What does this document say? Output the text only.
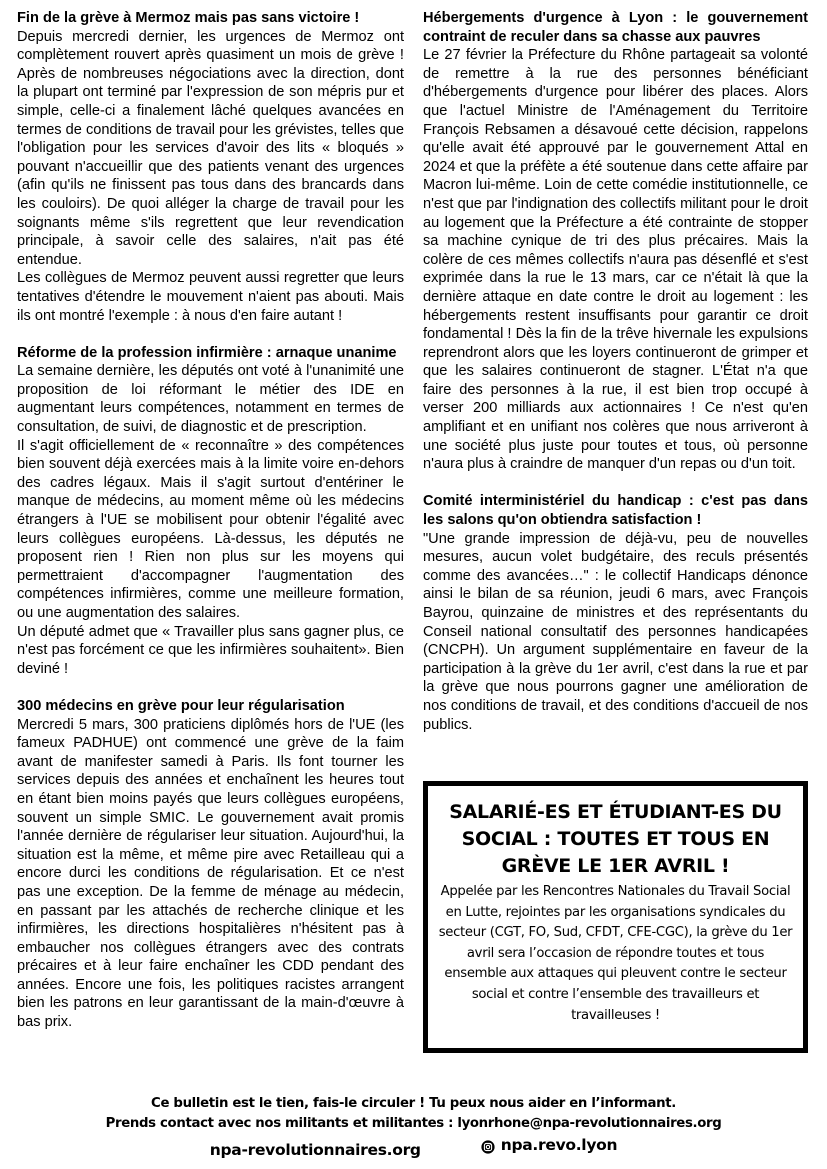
Fin de la grève à Mermoz mais pas sans victoire !

Depuis mercredi dernier, les urgences de Mermoz ont complètement rouvert après quasiment un mois de grève ! Après de nombreuses négociations avec la direction, dont la plupart ont terminé par l'expression de son mépris pur et simple, celle-ci a finalement lâché quelques avancées en termes de conditions de travail pour les grévistes, telles que l'obligation pour les services d'avoir des lits « bloqués » pouvant n'accueillir que des patients venant des urgences (afin qu'ils ne finissent pas tous dans des brancards dans les couloirs). De quoi alléger la charge de travail pour les soignants même s'ils regrettent que leur revendication principale, à savoir celle des salaires, n'ait pas été entendue.

Les collègues de Mermoz peuvent aussi regretter que leurs tentatives d'étendre le mouvement n'aient pas abouti. Mais ils ont montré l'exemple : à nous d'en faire autant !

Réforme de la profession infirmière : arnaque unanime

La semaine dernière, les députés ont voté à l'unanimité une proposition de loi réformant le métier des IDE en augmentant leurs compétences, notamment en termes de consultation, de suivi, de diagnostic et de prescription.

Il s'agit officiellement de « reconnaître » des compétences bien souvent déjà exercées mais à la limite voire en-dehors des cadres légaux. Mais il s'agit surtout d'entériner le manque de médecins, au moment même où les médecins étrangers à l'UE se mobilisent pour obtenir l'égalité avec leurs collègues européens. Là-dessus, les députés ne proposent rien ! Rien non plus sur les moyens qui permettraient d'accompagner l'augmentation des compétences infirmières, comme une meilleure formation, ou une augmentation des salaires.

Un député admet que « Travailler plus sans gagner plus, ce n'est pas forcément ce que les infirmières souhaitent». Bien deviné !

300 médecins en grève pour leur régularisation

Mercredi 5 mars, 300 praticiens diplômés hors de l'UE (les fameux PADHUE) ont commencé une grève de la faim avant de manifester samedi à Paris. Ils font tourner les services depuis des années et enchaînent les heures tout en étant bien moins payés que leurs collègues européens, souvent un simple SMIC. Le gouvernement avait promis l'année dernière de régulariser leur situation. Aujourd'hui, la situation est la même, et même pire avec Retailleau qui a encore durci les conditions de régularisation. Et ce n'est pas une exception. De la femme de ménage au médecin, en passant par les attachés de recherche clinique et les infirmières, les directions hospitalières n'hésitent pas à embaucher nos collègues étrangers avec des contrats précaires et à leur faire enchaîner les CDD pendant des années. Encore une fois, les politiques racistes arrangent bien les patrons en leur garantissant de la main-d'œuvre à bas prix.

Hébergements d'urgence à Lyon : le gouvernement contraint de reculer dans sa chasse aux pauvres

Le 27 février la Préfecture du Rhône partageait sa volonté de remettre à la rue des personnes bénéficiant d'hébergements d'urgence pour libérer des places. Alors que l'actuel Ministre de l'Aménagement du Territoire François Rebsamen a désavoué cette décision, rappelons qu'elle avait été approuvé par le gouvernement Attal en 2024 et que la préfète a été soutenue dans cette affaire par Macron lui-même. Loin de cette comédie institutionnelle, ce n'est que par l'indignation des collectifs militant pour le droit au logement que la Préfecture a été contrainte de stopper sa machine cynique de tri des plus précaires. Mais la colère de ces mêmes collectifs n'aura pas désenflé et s'est exprimée dans la rue le 13 mars, car ce n'était là que la dernière attaque en date contre le droit au logement : les hébergements restent insuffisants pour garantir ce droit fondamental ! Dès la fin de la trêve hivernale les expulsions reprendront alors que les loyers continueront de grimper et que les salaires continueront de stagner. L'État n'a que faire des personnes à la rue, il est bien trop occupé à verser 200 milliards aux actionnaires ! Ce n'est qu'en amplifiant et en unifiant nos colères que nous arriveront à une société plus juste pour toutes et tous, où personne n'aura plus à craindre de manquer d'un repas ou d'un toit.

Comité interministériel du handicap : c'est pas dans les salons qu'on obtiendra satisfaction !

"Une grande impression de déjà-vu, peu de nouvelles mesures, aucun volet budgétaire, des reculs présentés comme des avancées…" : le collectif Handicaps dénonce ainsi le bilan de sa réunion, jeudi 6 mars, avec François Bayrou, quinzaine de ministres et des représentants du Conseil national consultatif des personnes handicapées (CNCPH). Un argument supplémentaire en faveur de la participation à la grève du 1er avril, c'est dans la rue et par la grève que nous pourrons gagner une amélioration de nos conditions de travail, et des conditions d'accueil de nos publics.

SALARIÉ-ES ET ÉTUDIANT-ES DU SOCIAL : TOUTES ET TOUS EN GRÈVE LE 1ER AVRIL !

Appelée par les Rencontres Nationales du Travail Social en Lutte, rejointes par les organisations syndicales du secteur (CGT, FO, Sud, CFDT, CFE-CGC), la grève du 1er avril sera l’occasion de répondre toutes et tous ensemble aux attaques qui pleuvent contre le secteur social et contre l’ensemble des travailleurs et travailleuses !

Ce bulletin est le tien, fais-le circuler ! Tu peux nous aider en l’informant.
Prends contact avec nos militants et militantes : lyonrhone@npa-revolutionnaires.org
npa-revolutionnaires.org	npa.revo.lyon
